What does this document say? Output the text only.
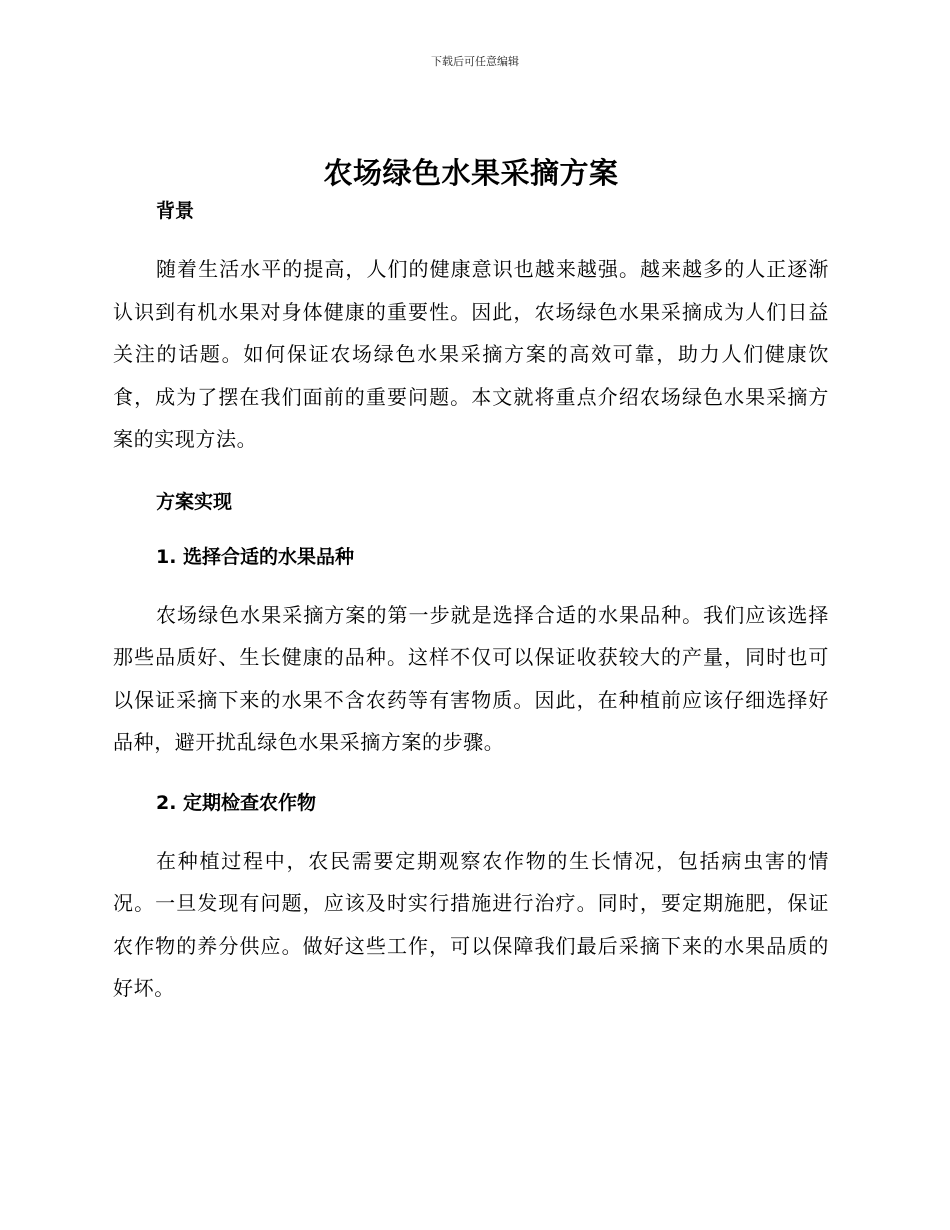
下载后可任意编辑
农场绿色水果采摘方案
背景

随着生活水平的提高，人们的健康意识也越来越强。越来越多的人正逐渐认识到有机水果对身体健康的重要性。因此，农场绿色水果采摘成为人们日益关注的话题。如何保证农场绿色水果采摘方案的高效可靠，助力人们健康饮食，成为了摆在我们面前的重要问题。本文就将重点介绍农场绿色水果采摘方案的实现方法。

方案实现
1. 选择合适的水果品种

农场绿色水果采摘方案的第一步就是选择合适的水果品种。我们应该选择那些品质好、生长健康的品种。这样不仅可以保证收获较大的产量，同时也可以保证采摘下来的水果不含农药等有害物质。因此，在种植前应该仔细选择好品种，避开扰乱绿色水果采摘方案的步骤。

2. 定期检查农作物

在种植过程中，农民需要定期观察农作物的生长情况，包括病虫害的情况。一旦发现有问题，应该及时实行措施进行治疗。同时，要定期施肥，保证农作物的养分供应。做好这些工作，可以保障我们最后采摘下来的水果品质的好坏。
